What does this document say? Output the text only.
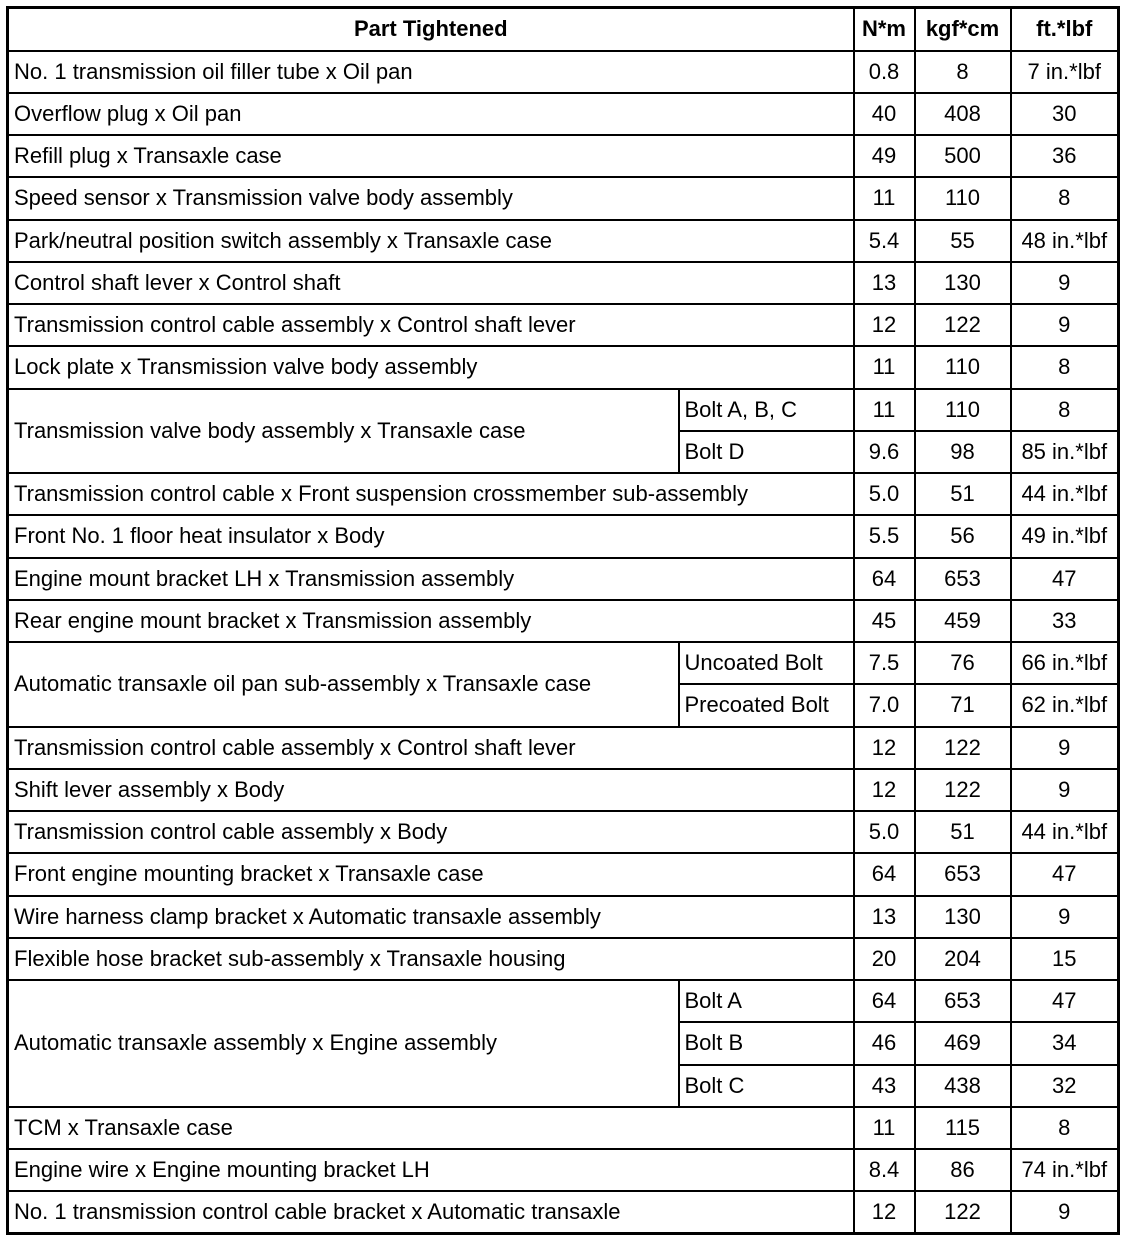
Part Tightened		N*m	kgf*cm	ft.*lbf
No. 1 transmission oil filler tube x Oil pan		0.8	8	7 in.*lbf
Overflow plug x Oil pan		40	408	30
Refill plug x Transaxle case		49	500	36
Speed sensor x Transmission valve body assembly		11	110	8
Park/neutral position switch assembly x Transaxle case		5.4	55	48 in.*lbf
Control shaft lever x Control shaft		13	130	9
Transmission control cable assembly x Control shaft lever		12	122	9
Lock plate x Transmission valve body assembly		11	110	8
Transmission valve body assembly x Transaxle case	Bolt A, B, C	11	110	8
	Bolt D	9.6	98	85 in.*lbf
Transmission control cable x Front suspension crossmember sub-assembly		5.0	51	44 in.*lbf
Front No. 1 floor heat insulator x Body		5.5	56	49 in.*lbf
Engine mount bracket LH x Transmission assembly		64	653	47
Rear engine mount bracket x Transmission assembly		45	459	33
Automatic transaxle oil pan sub-assembly x Transaxle case	Uncoated Bolt	7.5	76	66 in.*lbf
	Precoated Bolt	7.0	71	62 in.*lbf
Transmission control cable assembly x Control shaft lever		12	122	9
Shift lever assembly x Body		12	122	9
Transmission control cable assembly x Body		5.0	51	44 in.*lbf
Front engine mounting bracket x Transaxle case		64	653	47
Wire harness clamp bracket x Automatic transaxle assembly		13	130	9
Flexible hose bracket sub-assembly x Transaxle housing		20	204	15
Automatic transaxle assembly x Engine assembly	Bolt A	64	653	47
	Bolt B	46	469	34
	Bolt C	43	438	32
TCM x Transaxle case		11	115	8
Engine wire x Engine mounting bracket LH		8.4	86	74 in.*lbf
No. 1 transmission control cable bracket x Automatic transaxle		12	122	9
